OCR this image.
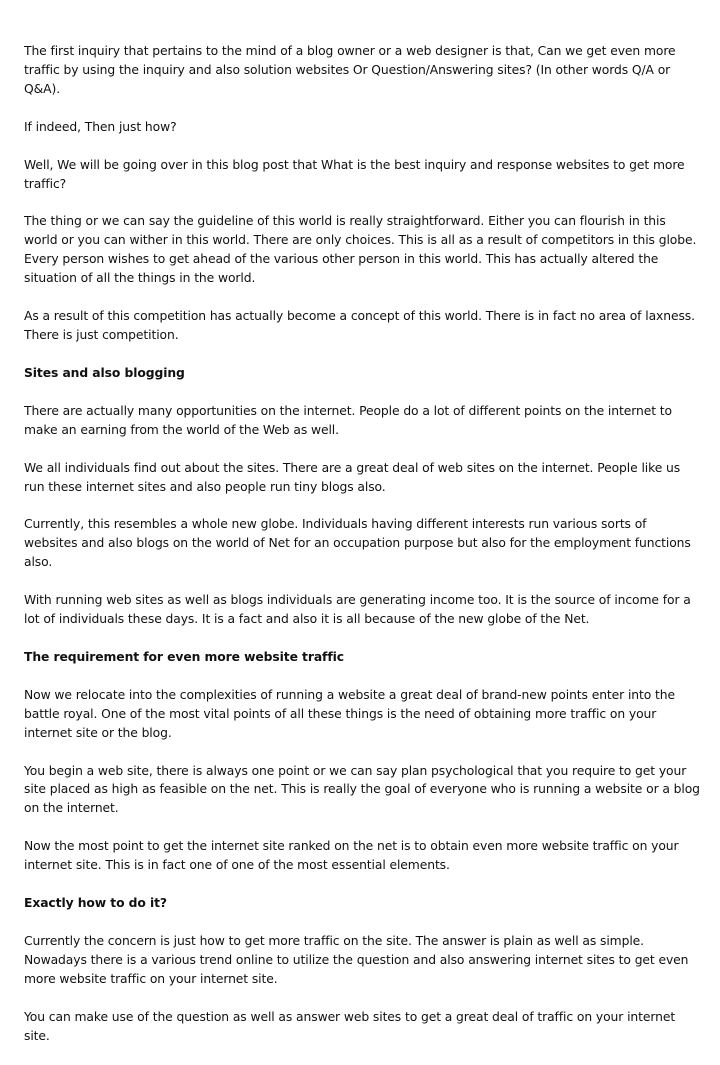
The first inquiry that pertains to the mind of a blog owner or a web designer is that, Can we get even more traffic by using the inquiry and also solution websites Or Question/Answering sites? (In other words Q/A or Q&A).

If indeed, Then just how?

Well, We will be going over in this blog post that What is the best inquiry and response websites to get more traffic?

The thing or we can say the guideline of this world is really straightforward. Either you can flourish in this world or you can wither in this world. There are only choices. This is all as a result of competitors in this globe. Every person wishes to get ahead of the various other person in this world. This has actually altered the situation of all the things in the world.

As a result of this competition has actually become a concept of this world. There is in fact no area of laxness. There is just competition.

Sites and also blogging

There are actually many opportunities on the internet. People do a lot of different points on the internet to make an earning from the world of the Web as well.

We all individuals find out about the sites. There are a great deal of web sites on the internet. People like us run these internet sites and also people run tiny blogs also.

Currently, this resembles a whole new globe. Individuals having different interests run various sorts of websites and also blogs on the world of Net for an occupation purpose but also for the employment functions also.

With running web sites as well as blogs individuals are generating income too. It is the source of income for a lot of individuals these days. It is a fact and also it is all because of the new globe of the Net.

The requirement for even more website traffic

Now we relocate into the complexities of running a website a great deal of brand-new points enter into the battle royal. One of the most vital points of all these things is the need of obtaining more traffic on your internet site or the blog.

You begin a web site, there is always one point or we can say plan psychological that you require to get your site placed as high as feasible on the net. This is really the goal of everyone who is running a website or a blog on the internet.

Now the most point to get the internet site ranked on the net is to obtain even more website traffic on your internet site. This is in fact one of one of the most essential elements.

Exactly how to do it?

Currently the concern is just how to get more traffic on the site. The answer is plain as well as simple. Nowadays there is a various trend online to utilize the question and also answering internet sites to get even more website traffic on your internet site.

You can make use of the question as well as answer web sites to get a great deal of traffic on your internet site.
